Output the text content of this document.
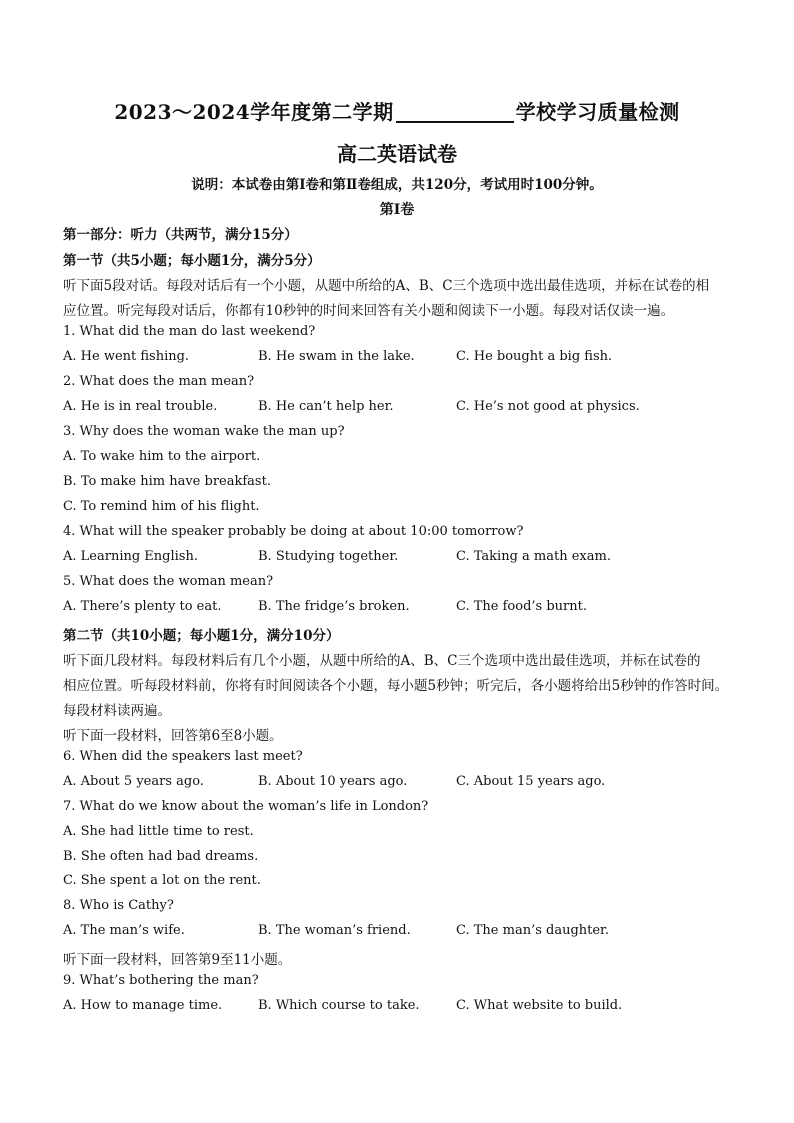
2023～2024学年度第二学期	学校学习质量检测
高二英语试卷
说明：本试卷由第Ⅰ卷和第Ⅱ卷组成，共120分，考试用时100分钟。
第Ⅰ卷
第一部分：听力（共两节，满分15分）
第一节（共5小题；每小题1分，满分5分）
听下面5段对话。每段对话后有一个小题，从题中所给的A、B、C三个选项中选出最佳选项，并标在试卷的相
应位置。听完每段对话后，你都有10秒钟的时间来回答有关小题和阅读下一小题。每段对话仅读一遍。
1. What did the man do last weekend?
A. He went fishing.	B. He swam in the lake.	C. He bought a big fish.
2. What does the man mean?
A. He is in real trouble.	B. He can’t help her.	C. He’s not good at physics.
3. Why does the woman wake the man up?
A. To wake him to the airport.
B. To make him have breakfast.
C. To remind him of his flight.
4. What will the speaker probably be doing at about 10:00 tomorrow?
A. Learning English.	B. Studying together.	C. Taking a math exam.
5. What does the woman mean?
A. There’s plenty to eat.	B. The fridge’s broken.	C. The food’s burnt.
第二节（共10小题；每小题1分，满分10分）
听下面几段材料。每段材料后有几个小题，从题中所给的A、B、C三个选项中选出最佳选项，并标在试卷的
相应位置。听每段材料前，你将有时间阅读各个小题，每小题5秒钟；听完后，各小题将给出5秒钟的作答时间。
每段材料读两遍。
听下面一段材料，回答第6至8小题。
6. When did the speakers last meet?
A. About 5 years ago.	B. About 10 years ago.	C. About 15 years ago.
7. What do we know about the woman’s life in London?
A. She had little time to rest.
B. She often had bad dreams.
C. She spent a lot on the rent.
8. Who is Cathy?
A. The man’s wife.	B. The woman’s friend.	C. The man’s daughter.
听下面一段材料，回答第9至11小题。
9. What’s bothering the man?
A. How to manage time.	B. Which course to take.	C. What website to build.
